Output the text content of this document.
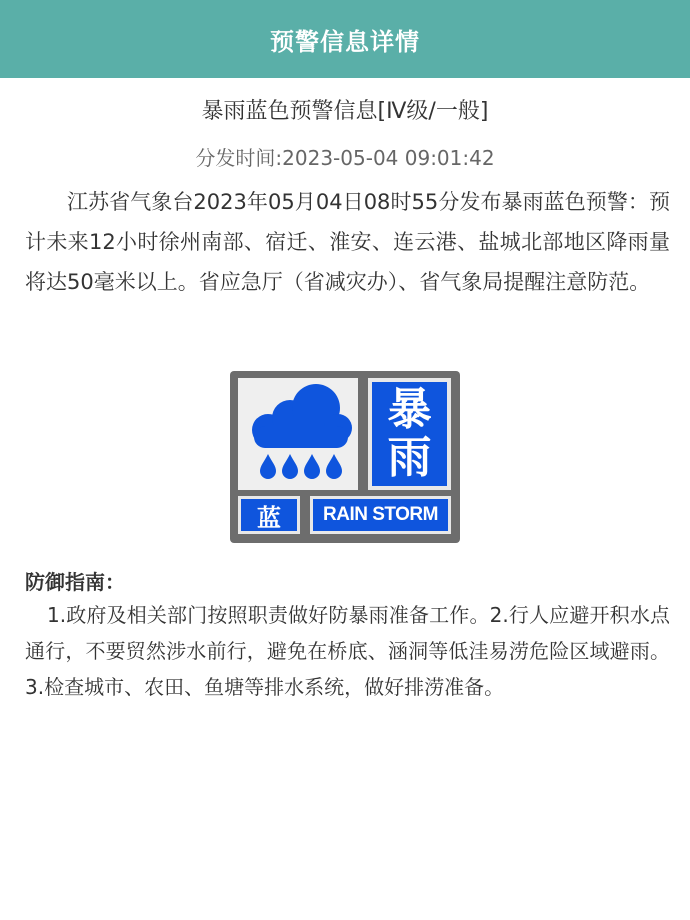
预警信息详情
暴雨蓝色预警信息[Ⅳ级/一般]
分发时间:2023-05-04 09:01:42
江苏省气象台2023年05月04日08时55分发布暴雨蓝色预警：预计未来12小时徐州南部、宿迁、淮安、连云港、盐城北部地区降雨量将达50毫米以上。省应急厅（省减灾办）、省气象局提醒注意防范。
暴
雨
蓝	RAIN STORM
防御指南：
1.政府及相关部门按照职责做好防暴雨准备工作。2.行人应避开积水点通行，不要贸然涉水前行，避免在桥底、涵洞等低洼易涝危险区域避雨。3.检查城市、农田、鱼塘等排水系统，做好排涝准备。
